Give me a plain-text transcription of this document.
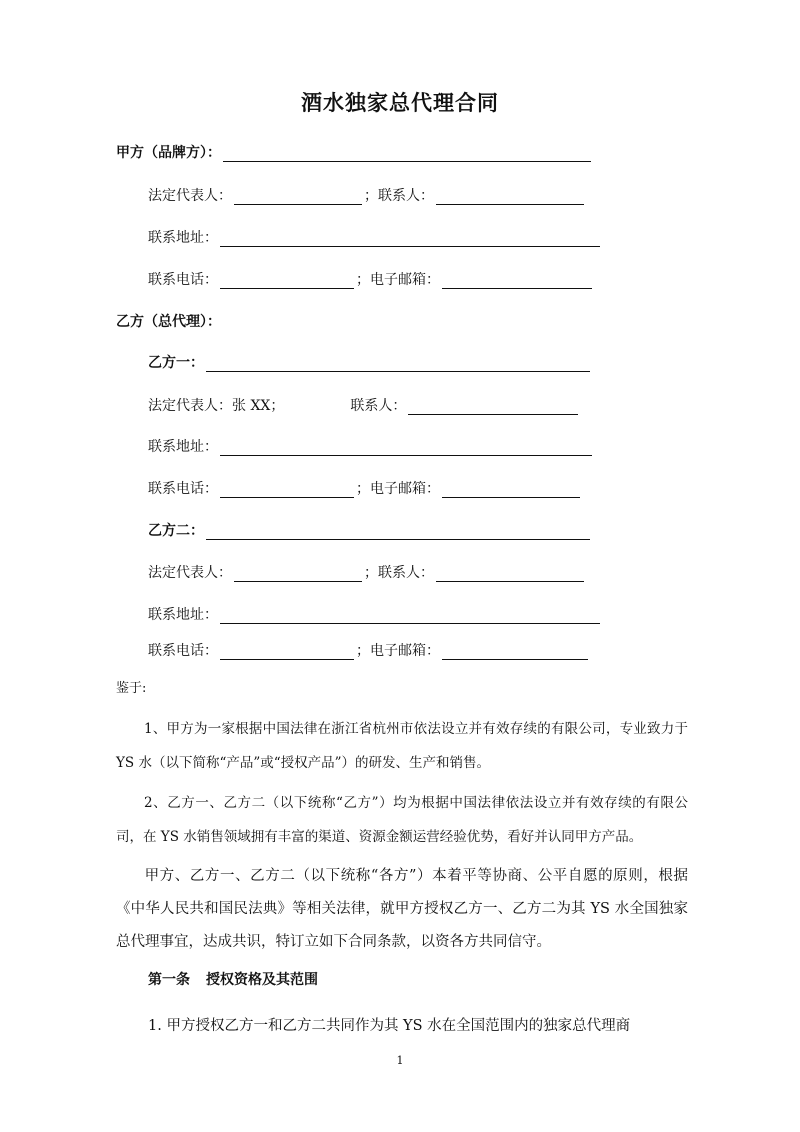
酒水独家总代理合同
甲方（品牌方）：
法定代表人：	；联系人：
联系地址：
联系电话：	；电子邮箱：
乙方（总代理）：
乙方一：
法定代表人：张 XX；	联系人：
联系地址：
联系电话：	；电子邮箱：
乙方二：
法定代表人：	；联系人：
联系地址：
联系电话：	；电子邮箱：
鉴于:
1、甲方为一家根据中国法律在浙江省杭州市依法设立并有效存续的有限公司，专业致力于 YS 水（以下简称“产品”或“授权产品”）的研发、生产和销售。
2、乙方一、乙方二（以下统称“乙方”）均为根据中国法律依法设立并有效存续的有限公司，在 YS 水销售领域拥有丰富的渠道、资源金额运营经验优势，看好并认同甲方产品。
甲方、乙方一、乙方二（以下统称“各方”）本着平等协商、公平自愿的原则，根据《中华人民共和国民法典》等相关法律，就甲方授权乙方一、乙方二为其 YS 水全国独家总代理事宜，达成共识，特订立如下合同条款，以资各方共同信守。
第一条 授权资格及其范围
1. 甲方授权乙方一和乙方二共同作为其 YS 水在全国范围内的独家总代理商
1
